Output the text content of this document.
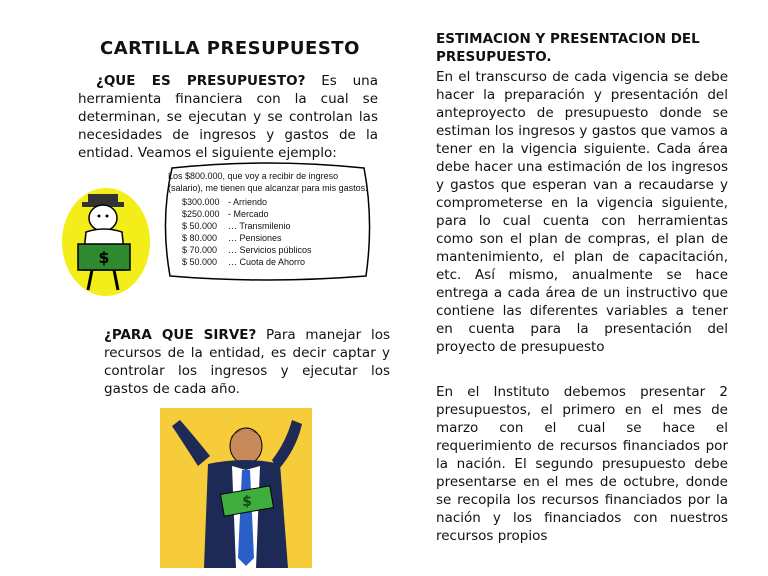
CARTILLA PRESUPUESTO

¿QUE ES PRESUPUESTO? Es una herramienta financiera con la cual se determinan, se ejecutan y se controlan las necesidades de ingresos y gastos de la entidad. Veamos el siguiente ejemplo:

$
Los $800.000, que voy a recibir de ingreso (salario), me tienen que alcanzar para mis gastos:
$300.000 - Arriendo
$250.000 - Mercado
$ 50.000 … Transmilenio
$ 80.000 … Pensiones
$ 70.000 … Servicios públicos
$ 50.000 … Cuota de Ahorro

¿PARA QUE SIRVE? Para manejar los recursos de la entidad, es decir captar y controlar los ingresos y ejecutar los gastos de cada año.

$
ESTIMACION Y PRESENTACION DEL PRESUPUESTO.

En el transcurso de cada vigencia se debe hacer la preparación y presentación del anteproyecto de presupuesto donde se estiman los ingresos y gastos que vamos a tener en la vigencia siguiente. Cada área debe hacer una estimación de los ingresos y gastos que esperan van a recaudarse y comprometerse en la vigencia siguiente, para lo cual cuenta con herramientas como son el plan de compras, el plan de mantenimiento, el plan de capacitación, etc. Así mismo, anualmente se hace entrega a cada área de un instructivo que contiene las diferentes variables a tener en cuenta para la presentación del proyecto de presupuesto

En el Instituto debemos presentar 2 presupuestos, el primero en el mes de marzo con el cual se hace el requerimiento de recursos financiados por la nación. El segundo presupuesto debe presentarse en el mes de octubre, donde se recopila los recursos financiados por la nación y los financiados con nuestros recursos propios
